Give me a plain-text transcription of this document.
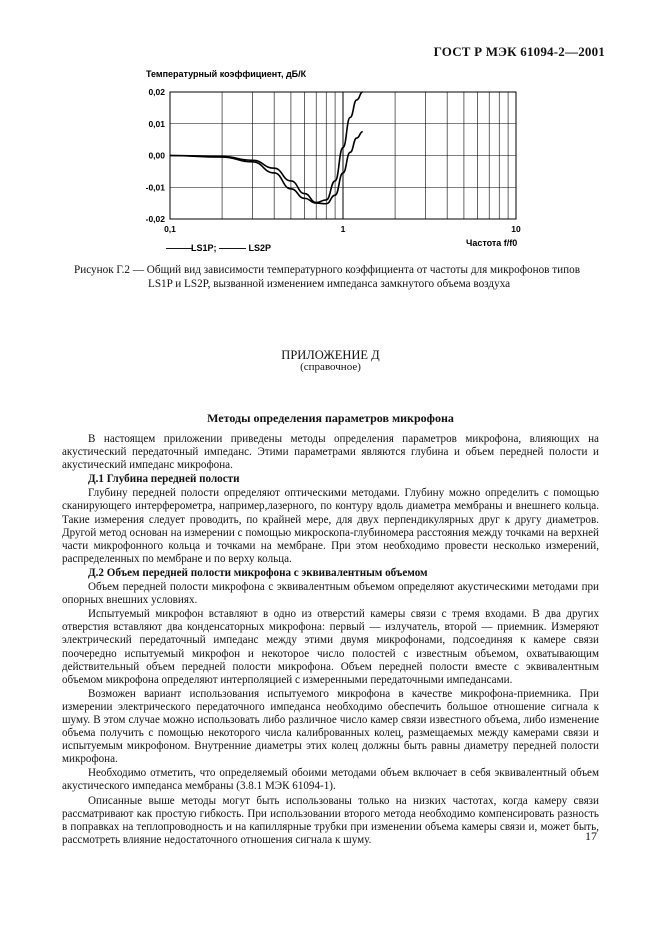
ГОСТ Р МЭК 61094-2—2001
0,02
0,01
0,00
-0,01
-0,02
0,1	1	10
Температурный коэффициент, дБ/К
Частота f/f0
———
LS1P; ——— LS2P
Рисунок Г.2 — Общий вид зависимости температурного коэффициента от частоты для микрофонов типов LS1P и LS2P, вызванной изменением импеданса замкнутого объема воздуха
ПРИЛОЖЕНИЕ Д
(справочное)
Методы определения параметров микрофона

В настоящем приложении приведены методы определения параметров микрофона, влияющих на акустический передаточный импеданс. Этими параметрами являются глубина и объем передней полости и акустический импеданс микрофона.

Д.1 Глубина передней полости

Глубину передней полости определяют оптическими методами. Глубину можно определить с помощью сканирующего интерферометра, например,лазерного, по контуру вдоль диаметра мембраны и внешнего кольца. Такие измерения следует проводить, по крайней мере, для двух перпендикулярных друг к другу диаметров. Другой метод основан на измерении с помощью микроскопа-глубиномера расстояния между точками на верхней части микрофонного кольца и точками на мембране. При этом необходимо провести несколько измерений, распределенных по мембране и по верху кольца.

Д.2 Объем передней полости микрофона с эквивалентным объемом

Объем передней полости микрофона с эквивалентным объемом определяют акустическими методами при опорных внешних условиях.

Испытуемый микрофон вставляют в одно из отверстий камеры связи с тремя входами. В два других отверстия вставляют два конденсаторных микрофона: первый — излучатель, второй — приемник. Измеряют электрический передаточный импеданс между этими двумя микрофонами, подсоединяя к камере связи поочередно испытуемый микрофон и некоторое число полостей с известным объемом, охватывающим действительный объем передней полости микрофона. Объем передней полости вместе с эквивалентным объемом микрофона определяют интерполяцией с измеренными передаточными импедансами.

Возможен вариант использования испытуемого микрофона в качестве микрофона-приемника. При измерении электрического передаточного импеданса необходимо обеспечить большое отношение сигнала к шуму. В этом случае можно использовать либо различное число камер связи известного объема, либо изменение объема получить с помощью некоторого числа калиброванных колец, размещаемых между камерами связи и испытуемым микрофоном. Внутренние диаметры этих колец должны быть равны диаметру передней полости микрофона.

Необходимо отметить, что определяемый обоими методами объем включает в себя эквивалентный объем акустического импеданса мембраны (3.8.1 МЭК 61094-1).

Описанные выше методы могут быть использованы только на низких частотах, когда камеру связи рассматривают как простую гибкость. При использовании второго метода необходимо компенсировать разность в поправках на теплопроводность и на капиллярные трубки при изменении объема камеры связи и, может быть, рассмотреть влияние недостаточного отношения сигнала к шуму.	17
